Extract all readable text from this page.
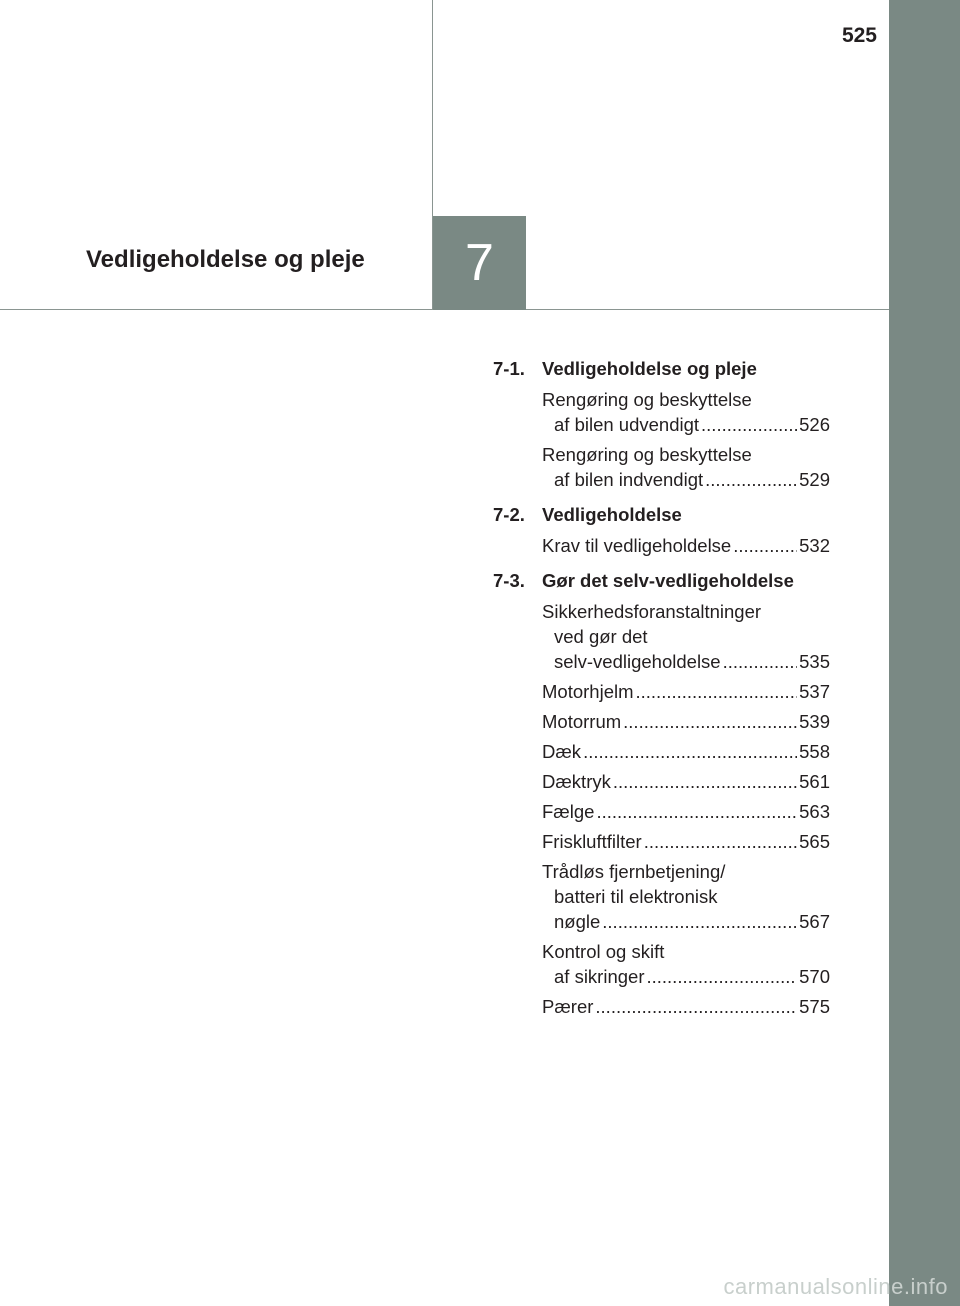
525
7
Vedligeholdelse og pleje
7-1. Vedligeholdelse og pleje
Rengøring og beskyttelse
af bilen udvendigt .....	526
Rengøring og beskyttelse
af bilen indvendigt .....	529
7-2. Vedligeholdelse
Krav til vedligeholdelse .....	532
7-3. Gør det selv-vedligeholdelse
Sikkerhedsforanstaltninger
ved gør det
selv-vedligeholdelse .....	535
Motorhjelm .....	537
Motorrum .....	539
Dæk .....	558
Dæktryk .....	561
Fælge .....	563
Friskluftfilter .....	565
Trådløs fjernbetjening/
batteri til elektronisk
nøgle .....	567
Kontrol og skift
af sikringer .....	570
Pærer .....	575
carmanualsonline.info
